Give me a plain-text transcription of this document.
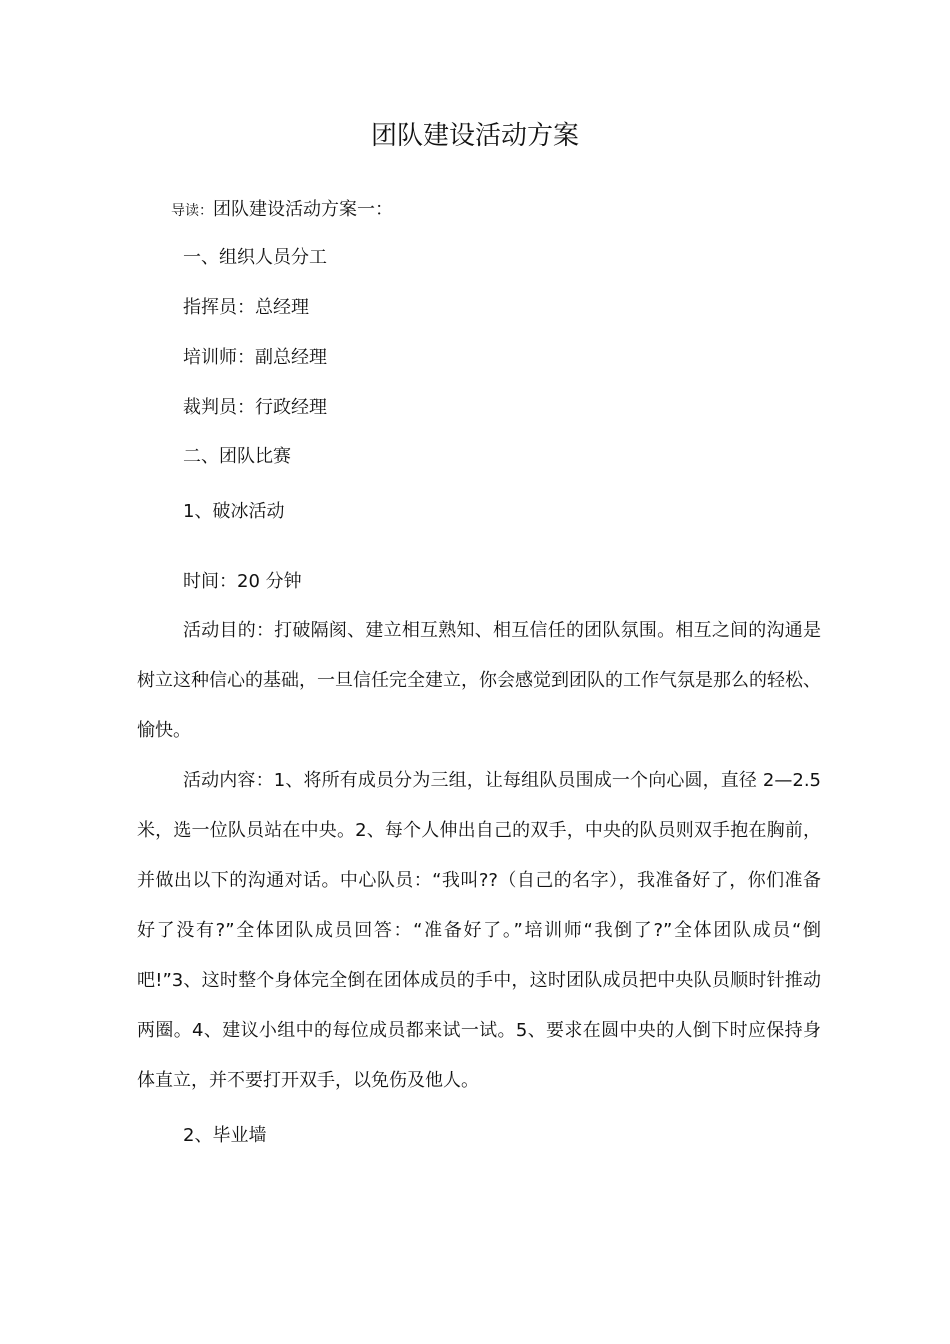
团队建设活动方案
导读：团队建设活动方案一：
一、组织人员分工
指挥员：总经理
培训师：副总经理
裁判员：行政经理
二、团队比赛
1、破冰活动
时间：20 分钟
活动目的：打破隔阂、建立相互熟知、相互信任的团队氛围。相互之间的沟通是树立这种信心的基础，一旦信任完全建立，你会感觉到团队的工作气氛是那么的轻松、愉快。
活动内容：1、将所有成员分为三组，让每组队员围成一个向心圆，直径 2—2.5 米，选一位队员站在中央。2、每个人伸出自己的双手，中央的队员则双手抱在胸前，并做出以下的沟通对话。中心队员：“我叫??（自己的名字），我准备好了，你们准备好了没有?”全体团队成员回答：“准备好了。”培训师“我倒了?”全体团队成员“倒吧!”3、这时整个身体完全倒在团体成员的手中，这时团队成员把中央队员顺时针推动两圈。4、建议小组中的每位成员都来试一试。5、要求在圆中央的人倒下时应保持身体直立，并不要打开双手，以免伤及他人。
2、毕业墙
